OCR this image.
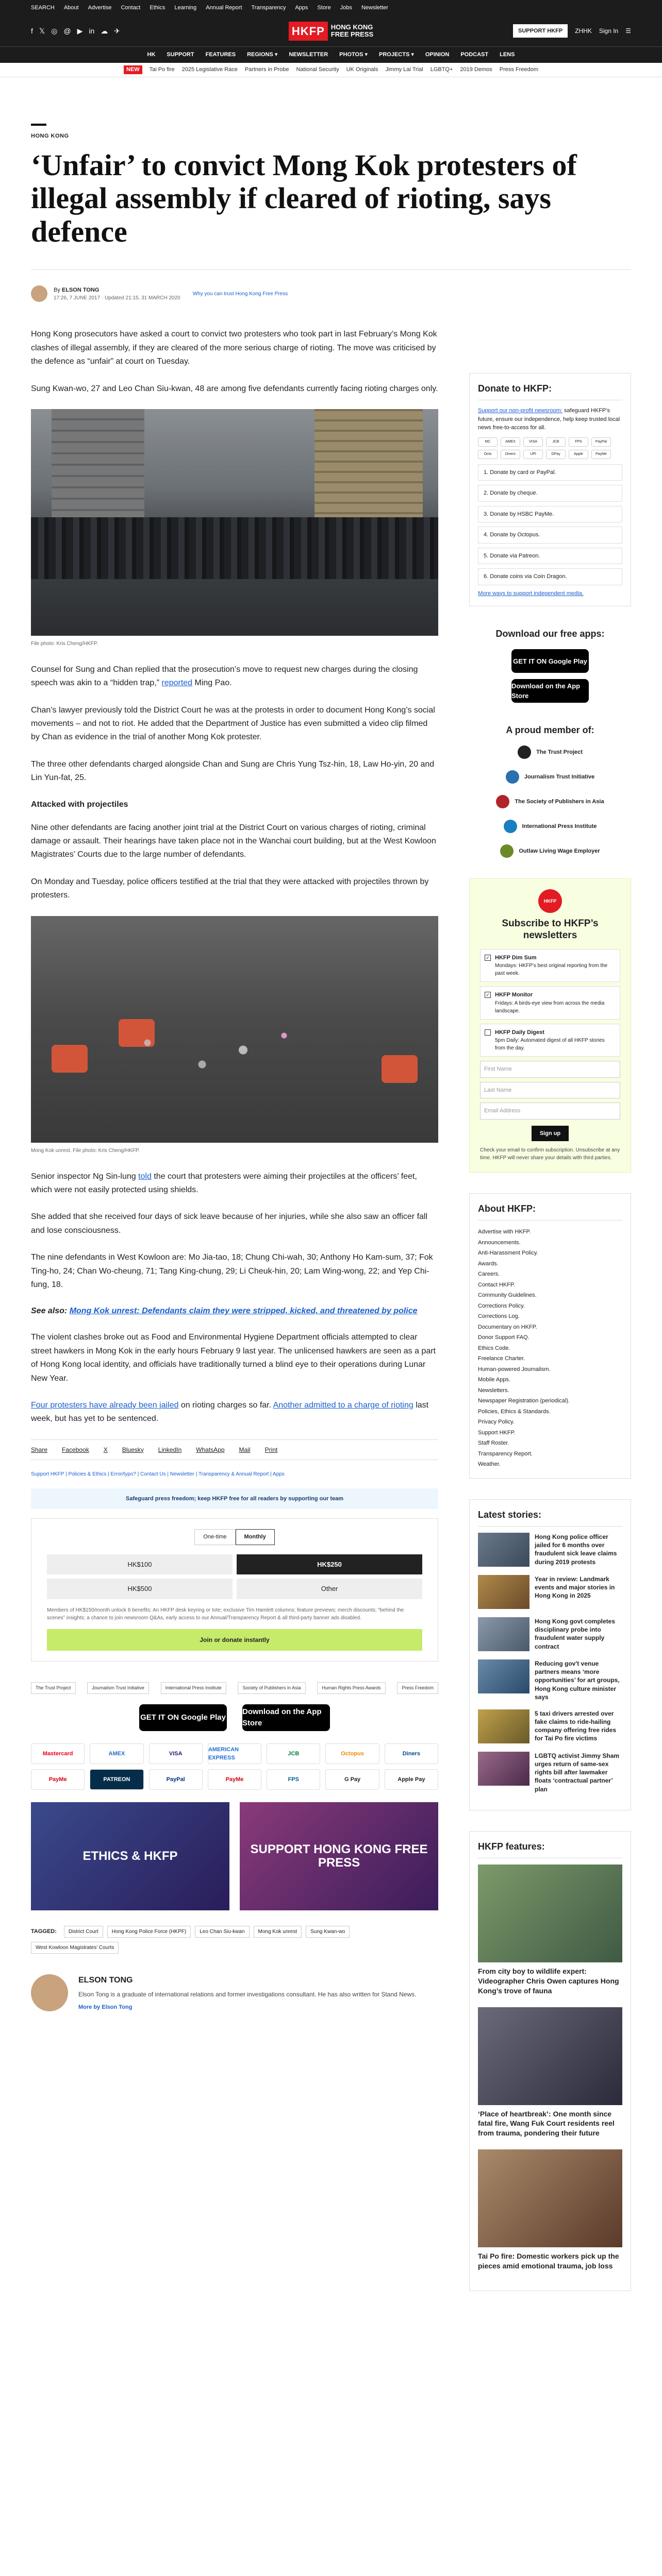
SEARCH About Advertise Contact Ethics Learning Annual Report Transparency Apps Store Jobs Newsletter
f 𝕏 ◎ @ ▶ in ☁ ✈	HKFP HONG KONG
FREE PRESS	SUPPORT HKFP	ZHHK Sign In ☰
HK SUPPORT FEATURES REGIONS ▾ NEWSLETTER PHOTOS ▾ PROJECTS ▾ OPINION PODCAST LENS
NEW	Tai Po fire 2025 Legislative Race Partners in Probe National Security UK Originals Jimmy Lai Trial LGBTQ+ 2019 Demos Press Freedom
HONG KONG
‘Unfair’ to convict Mong Kok protesters of illegal assembly if cleared of rioting, says defence
By ELSON TONG
17:26, 7 JUNE 2017 · Updated 21:15, 31 MARCH 2020
Why you can trust Hong Kong Free Press

Hong Kong prosecutors have asked a court to convict two protesters who took part in last February’s Mong Kok clashes of illegal assembly, if they are cleared of the more serious charge of rioting. The move was criticised by the defence as “unfair” at court on Tuesday.

Sung Kwan-wo, 27 and Leo Chan Siu-kwan, 48 are among five defendants currently facing rioting charges only.

File photo: Kris Cheng/HKFP.

Counsel for Sung and Chan replied that the prosecution’s move to request new charges during the closing speech was akin to a “hidden trap,” reported Ming Pao.

Chan’s lawyer previously told the District Court he was at the protests in order to document Hong Kong’s social movements – and not to riot. He added that the Department of Justice has even submitted a video clip filmed by Chan as evidence in the trial of another Mong Kok protester.

The three other defendants charged alongside Chan and Sung are Chris Yung Tsz-hin, 18, Law Ho-yin, 20 and Lin Yun-fat, 25.

Attacked with projectiles

Nine other defendants are facing another joint trial at the District Court on various charges of rioting, criminal damage or assault. Their hearings have taken place not in the Wanchai court building, but at the West Kowloon Magistrates’ Courts due to the large number of defendants.

On Monday and Tuesday, police officers testified at the trial that they were attacked with projectiles thrown by protesters.

Mong Kok unrest. File photo: Kris Cheng/HKFP.

Senior inspector Ng Sin-lung told the court that protesters were aiming their projectiles at the officers’ feet, which were not easily protected using shields.

She added that she received four days of sick leave because of her injuries, while she also saw an officer fall and lose consciousness.

The nine defendants in West Kowloon are: Mo Jia-tao, 18; Chung Chi-wah, 30; Anthony Ho Kam-sum, 37; Fok Ting-ho, 24; Chan Wo-cheung, 71; Tang King-chung, 29; Li Cheuk-hin, 20; Lam Wing-wong, 22; and Yep Chi-fung, 18.

See also: Mong Kok unrest: Defendants claim they were stripped, kicked, and threatened by police

The violent clashes broke out as Food and Environmental Hygiene Department officials attempted to clear street hawkers in Mong Kok in the early hours February 9 last year. The unlicensed hawkers are seen as a part of Hong Kong local identity, and officials have traditionally turned a blind eye to their operations during Lunar New Year.

Four protesters have already been jailed on rioting charges so far. Another admitted to a charge of rioting last week, but has yet to be sentenced.

Share Facebook X Bluesky LinkedIn WhatsApp Mail Print
Support HKFP | Policies & Ethics | Error/typo? | Contact Us | Newsletter | Transparency & Annual Report | Apps
Safeguard press freedom; keep HKFP free for all readers by supporting our team
One-time	Monthly
HK$100	HK$250
HK$500	Other
Members of HK$150/month unlock 8 benefits: An HKFP desk keyring or tote; exclusive Tim Hamlett columns; feature previews; merch discounts; “behind the scenes” insights; a chance to join newsroom Q&As, early access to our Annual/Transparency Report & all third-party banner ads disabled.
Join or donate instantly
The Trust Project	Journalism Trust Initiative	International Press Institute	Society of Publishers in Asia	Human Rights Press Awards	Press Freedom
GET IT ON Google Play
Download on the App Store
Mastercard	AMEX	VISA
AMERICAN EXPRESS
JCB	Octopus	Diners
PayMe	PATREON	PayPal	PayMe	FPS	G Pay	Apple Pay
ETHICS & HKFP	SUPPORT HONG KONG FREE PRESS
TAGGED:	District Court	Hong Kong Police Force (HKPF)	Leo Chan Siu-kwan	Mong Kok unrest	Sung Kwan-wo
West Kowloon Magistrates’ Courts
ELSON TONG
Elson Tong is a graduate of international relations and former investigations consultant. He has also written for Stand News.
More by Elson Tong
Donate to HKFP:

Support our non-profit newsroom: safeguard HKFP’s future, ensure our independence, help keep trusted local news free-to-access for all.

MC	AMEX	VISA	JCB	FPS	PayPal
Octo	Diners	UPI	GPay	Apple	PayMe
1. Donate by card or PayPal.
2. Donate by cheque.
3. Donate by HSBC PayMe.
4. Donate by Octopus.
5. Donate via Patreon.
6. Donate coins via Coin Dragon.
More ways to support independent media.
Download our free apps:
GET IT ON Google Play
Download on the App Store
A proud member of:
The Trust Project
Journalism Trust Initiative
The Society of Publishers in Asia
International Press Institute
Outlaw Living Wage Employer
HKFP
Subscribe to HKFP’s newsletters
✓ HKFP Dim Sum
Mondays: HKFP’s best original reporting from the past week.
✓ HKFP Monitor
Fridays: A birds-eye view from across the media landscape.
HKFP Daily Digest
5pm Daily: Automated digest of all HKFP stories from the day.
First Name
Last Name
Email Address
Sign up
Check your email to confirm subscription. Unsubscribe at any time. HKFP will never share your details with third parties.
About HKFP:
Advertise with HKFP.
Announcements.
Anti-Harassment Policy.
Awards.
Careers.
Contact HKFP.
Community Guidelines.
Corrections Policy.
Corrections Log.
Documentary on HKFP.
Donor Support FAQ.
Ethics Code.
Freelance Charter.
Human-powered Journalism.
Mobile Apps.
Newsletters.
Newspaper Registration (periodical).
Policies, Ethics & Standards.
Privacy Policy.
Support HKFP.
Staff Roster.
Transparency Report.
Weather.
Latest stories:
Hong Kong police officer jailed for 6 months over fraudulent sick leave claims during 2019 protests
Year in review: Landmark events and major stories in Hong Kong in 2025
Hong Kong govt completes disciplinary probe into fraudulent water supply contract
Reducing gov't venue partners means ‘more opportunities’ for art groups, Hong Kong culture minister says
5 taxi drivers arrested over fake claims to ride-hailing company offering free rides for Tai Po fire victims
LGBTQ activist Jimmy Sham urges return of same-sex rights bill after lawmaker floats ‘contractual partner’ plan
HKFP features:
From city boy to wildlife expert: Videographer Chris Owen captures Hong Kong’s trove of fauna
‘Place of heartbreak’: One month since fatal fire, Wang Fuk Court residents reel from trauma, pondering their future
Tai Po fire: Domestic workers pick up the pieces amid emotional trauma, job loss
